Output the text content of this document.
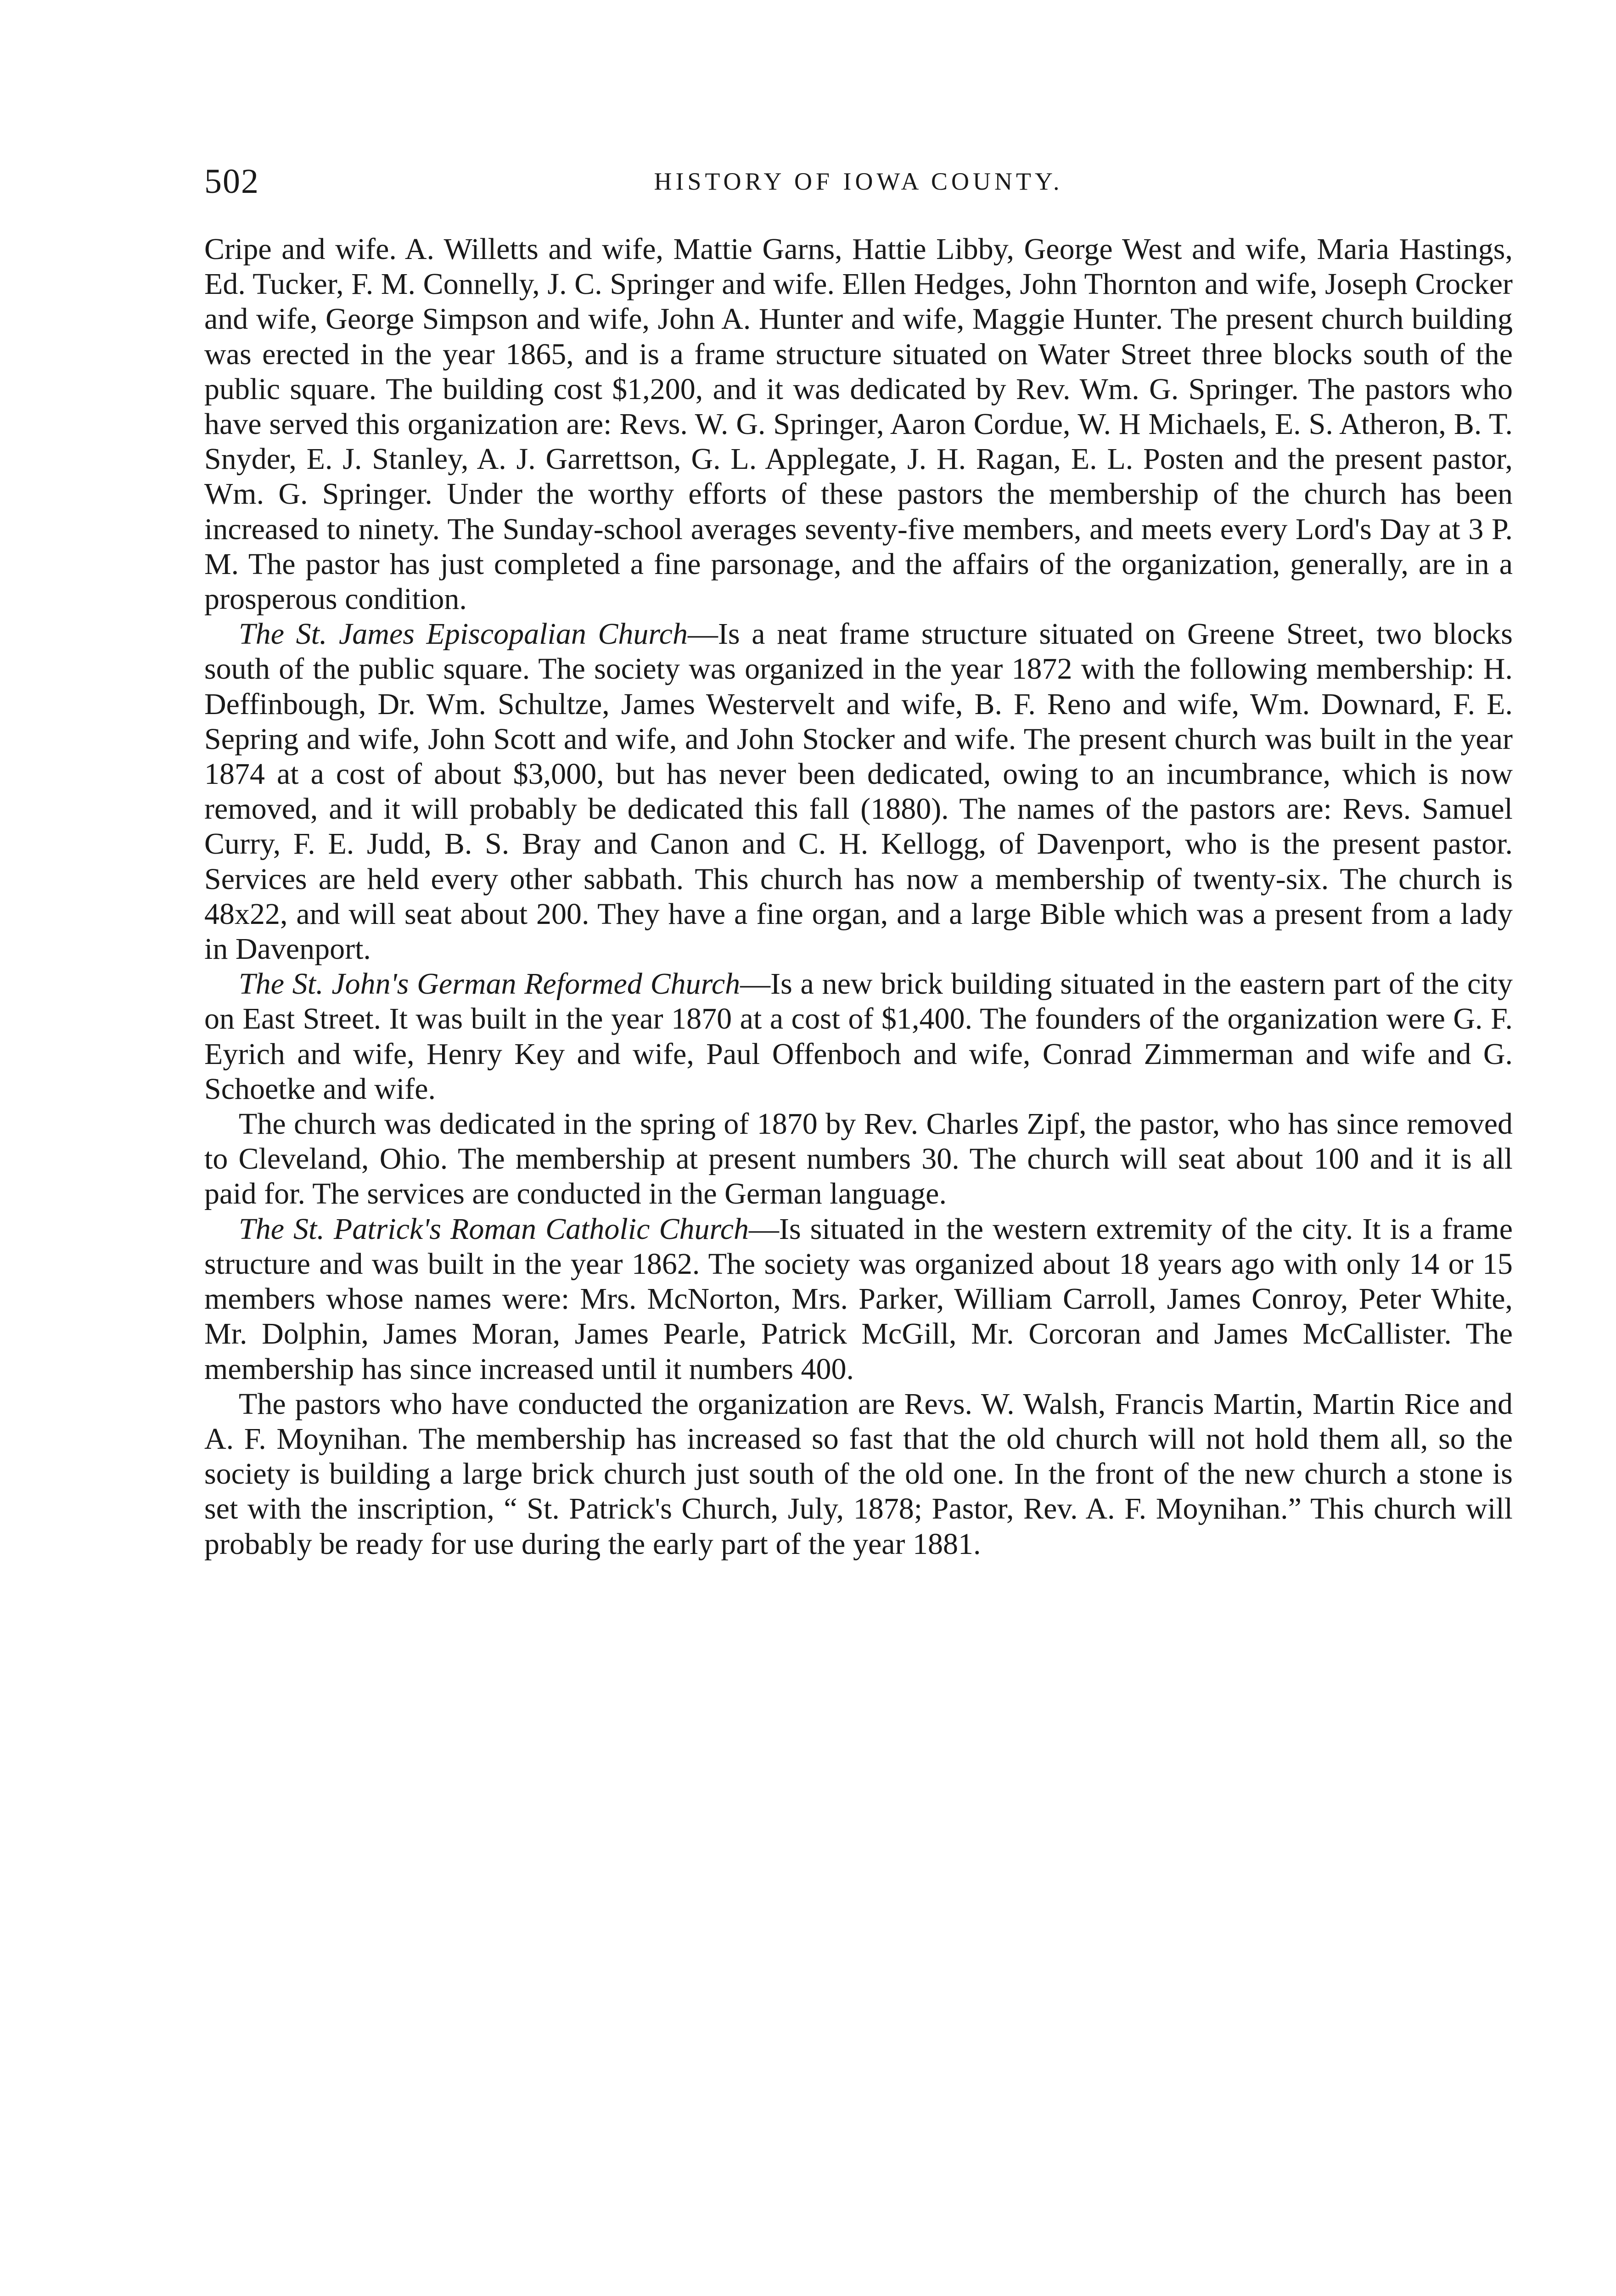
502	HISTORY OF IOWA COUNTY.

Cripe and wife. A. Willetts and wife, Mattie Garns, Hattie Libby, George West and wife, Maria Hastings, Ed. Tucker, F. M. Connelly, J. C. Springer and wife. Ellen Hedges, John Thornton and wife, Joseph Crocker and wife, George Simpson and wife, John A. Hunter and wife, Maggie Hunter. The present church building was erected in the year 1865, and is a frame structure situated on Water Street three blocks south of the public square. The building cost $1,200, and it was dedicated by Rev. Wm. G. Springer. The pastors who have served this organization are: Revs. W. G. Springer, Aaron Cordue, W. H Michaels, E. S. Atheron, B. T. Snyder, E. J. Stanley, A. J. Garrettson, G. L. Applegate, J. H. Ragan, E. L. Posten and the present pastor, Wm. G. Springer. Under the worthy efforts of these pastors the membership of the church has been increased to ninety. The Sunday-school averages seventy-five members, and meets every Lord's Day at 3 P. M. The pastor has just completed a fine parsonage, and the affairs of the organization, generally, are in a prosperous condition.

The St. James Episcopalian Church—Is a neat frame structure situated on Greene Street, two blocks south of the public square. The society was organized in the year 1872 with the following membership: H. Deffinbough, Dr. Wm. Schultze, James Westervelt and wife, B. F. Reno and wife, Wm. Downard, F. E. Sepring and wife, John Scott and wife, and John Stocker and wife. The present church was built in the year 1874 at a cost of about $3,000, but has never been dedicated, owing to an incumbrance, which is now removed, and it will probably be dedicated this fall (1880). The names of the pastors are: Revs. Samuel Curry, F. E. Judd, B. S. Bray and Canon and C. H. Kellogg, of Davenport, who is the present pastor. Services are held every other sabbath. This church has now a membership of twenty-six. The church is 48x22, and will seat about 200. They have a fine organ, and a large Bible which was a present from a lady in Davenport.

The St. John's German Reformed Church—Is a new brick building situated in the eastern part of the city on East Street. It was built in the year 1870 at a cost of $1,400. The founders of the organization were G. F. Eyrich and wife, Henry Key and wife, Paul Offenboch and wife, Conrad Zimmerman and wife and G. Schoetke and wife.

The church was dedicated in the spring of 1870 by Rev. Charles Zipf, the pastor, who has since removed to Cleveland, Ohio. The membership at present numbers 30. The church will seat about 100 and it is all paid for. The services are conducted in the German language.

The St. Patrick's Roman Catholic Church—Is situated in the western extremity of the city. It is a frame structure and was built in the year 1862. The society was organized about 18 years ago with only 14 or 15 members whose names were: Mrs. McNorton, Mrs. Parker, William Carroll, James Conroy, Peter White, Mr. Dolphin, James Moran, James Pearle, Patrick McGill, Mr. Corcoran and James McCallister. The membership has since increased until it numbers 400.

The pastors who have conducted the organization are Revs. W. Walsh, Francis Martin, Martin Rice and A. F. Moynihan. The membership has increased so fast that the old church will not hold them all, so the society is building a large brick church just south of the old one. In the front of the new church a stone is set with the inscription, “ St. Patrick's Church, July, 1878; Pastor, Rev. A. F. Moynihan.” This church will probably be ready for use during the early part of the year 1881.
